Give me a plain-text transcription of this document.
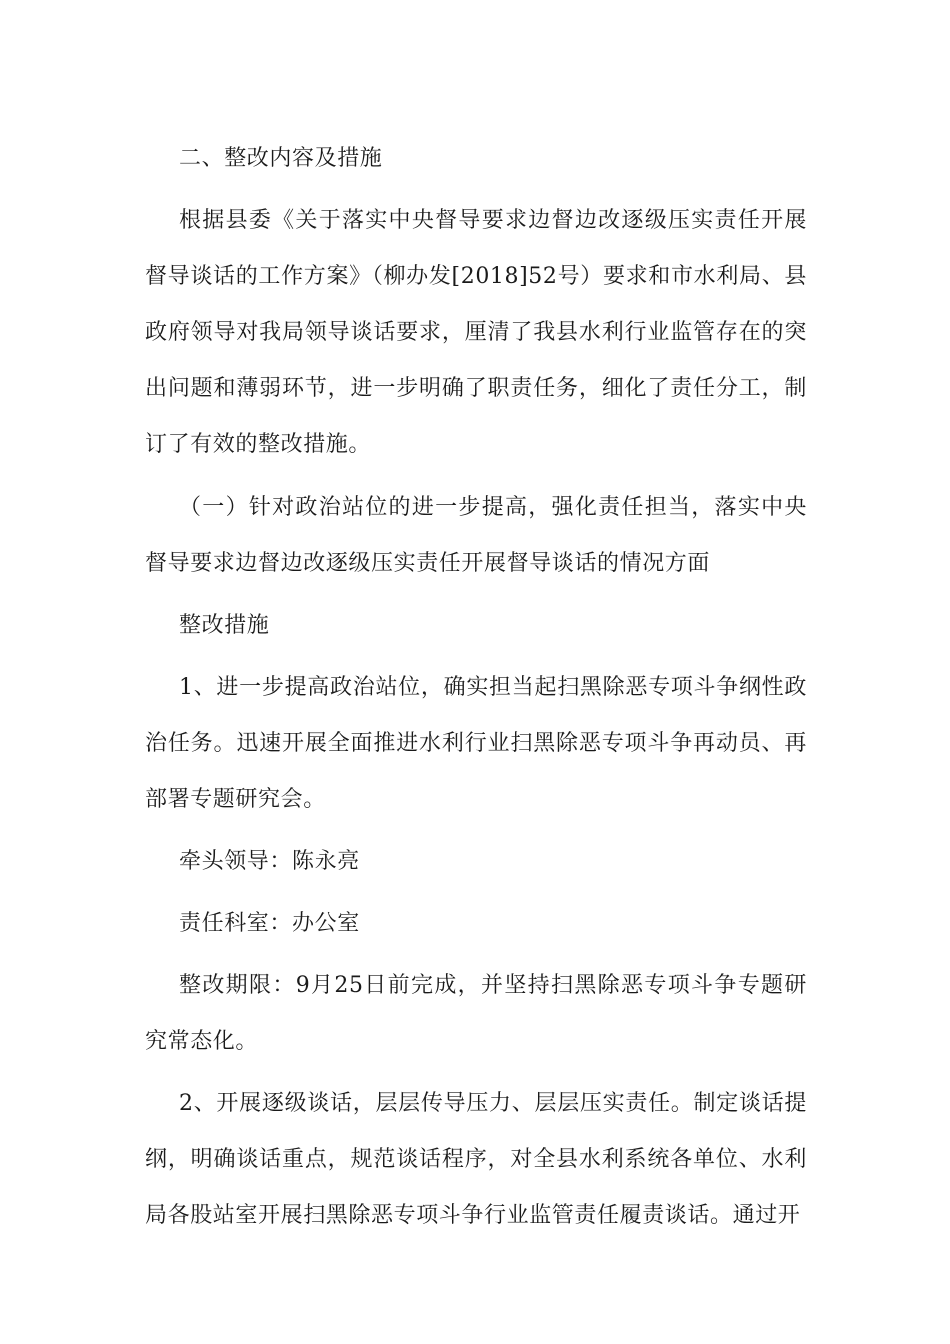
二、整改内容及措施

根据县委《关于落实中央督导要求边督边改逐级压实责任开展督导谈话的工作方案》（柳办发[2018]52号）要求和市水利局、县政府领导对我局领导谈话要求，厘清了我县水利行业监管存在的突出问题和薄弱环节，进一步明确了职责任务，细化了责任分工，制订了有效的整改措施。

（一）针对政治站位的进一步提高，强化责任担当，落实中央督导要求边督边改逐级压实责任开展督导谈话的情况方面

整改措施

1、进一步提高政治站位，确实担当起扫黑除恶专项斗争纲性政治任务。迅速开展全面推进水利行业扫黑除恶专项斗争再动员、再部署专题研究会。

牵头领导：陈永亮

责任科室：办公室

整改期限：9月25日前完成，并坚持扫黑除恶专项斗争专题研究常态化。

2、开展逐级谈话，层层传导压力、层层压实责任。制定谈话提纲，明确谈话重点，规范谈话程序，对全县水利系统各单位、水利局各股站室开展扫黑除恶专项斗争行业监管责任履责谈话。通过开
